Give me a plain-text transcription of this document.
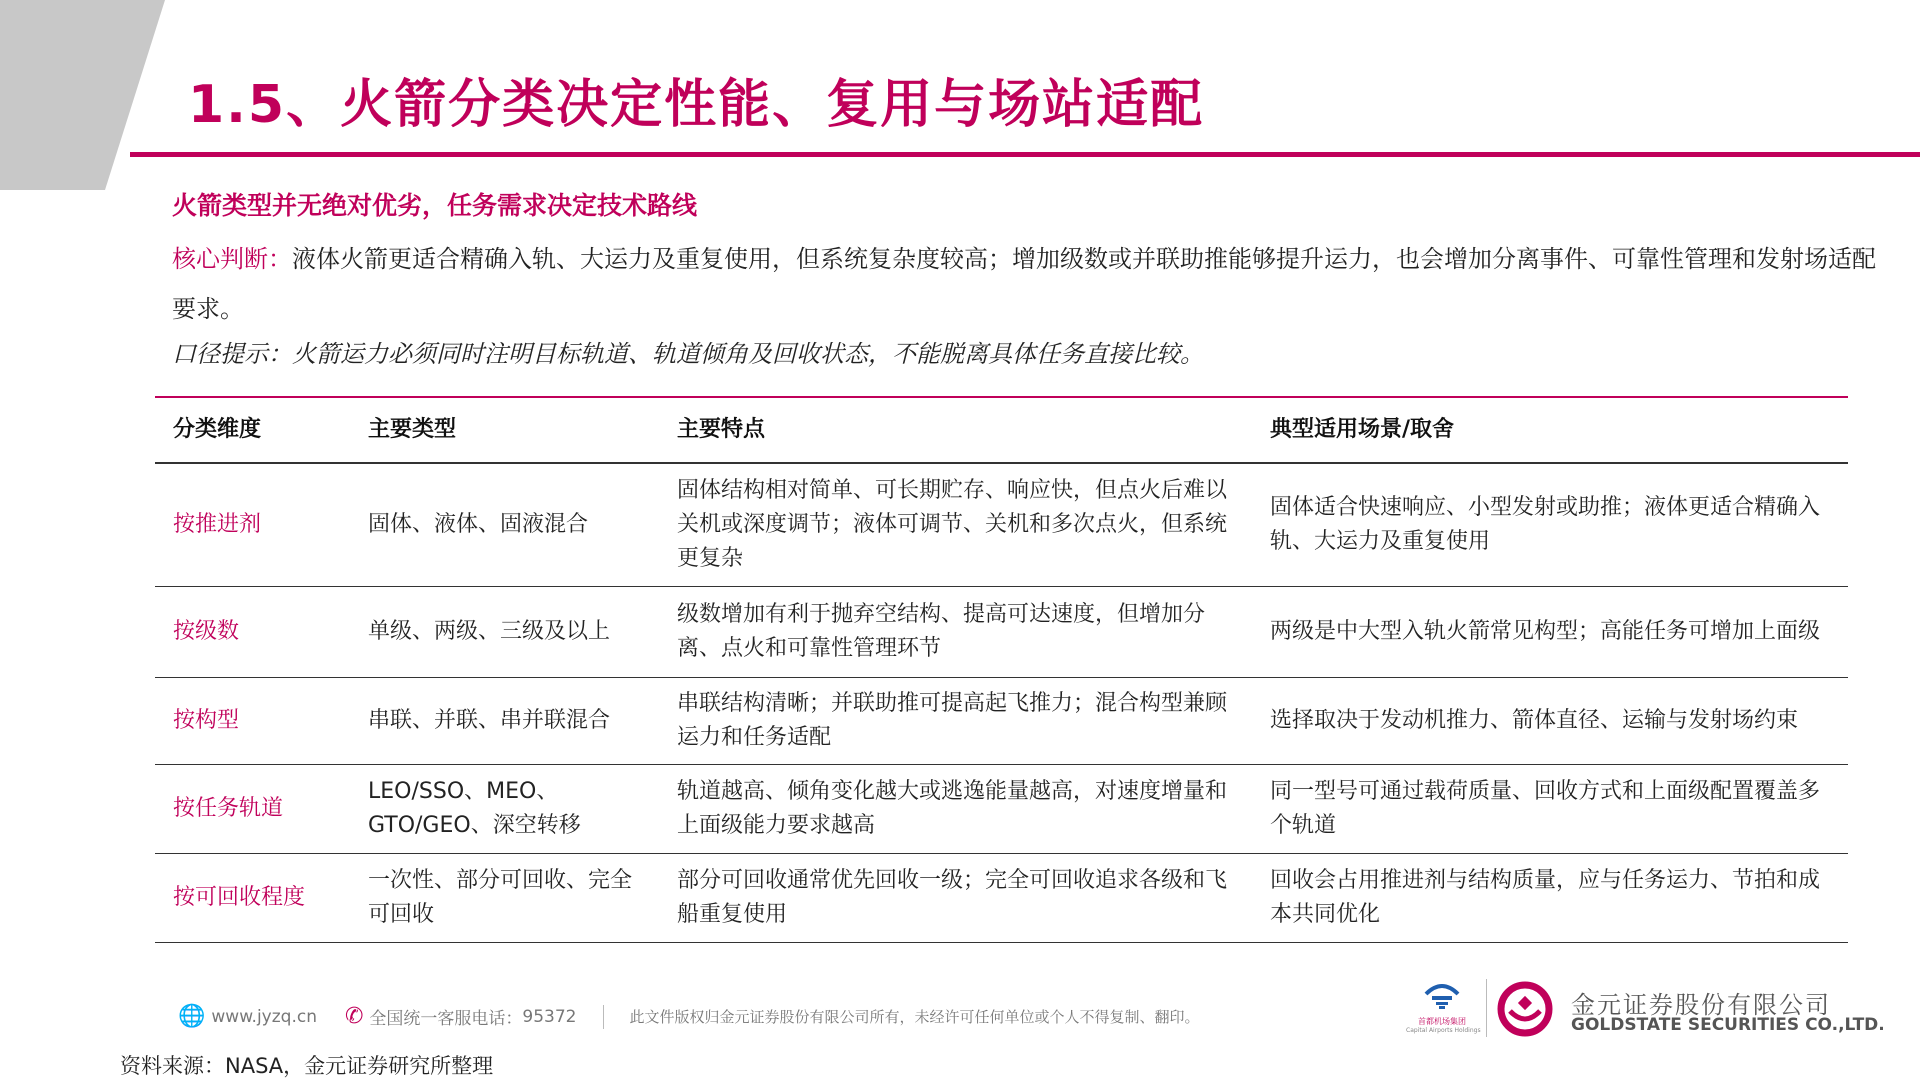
1.5、火箭分类决定性能、复用与场站适配
火箭类型并无绝对优劣，任务需求决定技术路线
核心判断：液体火箭更适合精确入轨、大运力及重复使用，但系统复杂度较高；增加级数或并联助推能够提升运力，也会增加分离事件、可靠性管理和发射场适配要求。
口径提示：火箭运力必须同时注明目标轨道、轨道倾角及回收状态，不能脱离具体任务直接比较。
分类维度	主要类型	主要特点	典型适用场景/取舍
按推进剂	固体、液体、固液混合	固体结构相对简单、可长期贮存、响应快，但点火后难以关机或深度调节；液体可调节、关机和多次点火，但系统更复杂	固体适合快速响应、小型发射或助推；液体更适合精确入轨、大运力及重复使用
按级数	单级、两级、三级及以上	级数增加有利于抛弃空结构、提高可达速度，但增加分离、点火和可靠性管理环节	两级是中大型入轨火箭常见构型；高能任务可增加上面级
按构型	串联、并联、串并联混合	串联结构清晰；并联助推可提高起飞推力；混合构型兼顾运力和任务适配	选择取决于发动机推力、箭体直径、运输与发射场约束
按任务轨道	LEO/SSO、MEO、GTO/GEO、深空转移	轨道越高、倾角变化越大或逃逸能量越高，对速度增量和上面级能力要求越高	同一型号可通过载荷质量、回收方式和上面级配置覆盖多个轨道
按可回收程度	一次性、部分可回收、完全可回收	部分可回收通常优先回收一级；完全可回收追求各级和飞船重复使用	回收会占用推进剂与结构质量，应与任务运力、节拍和成本共同优化
🌐 www.jyzq.cn ✆ 全国统一客服电话： 95372	此文件版权归金元证券股份有限公司所有，未经许可任何单位或个人不得复制、翻印。	首都机场集团
Capital Airports Holdings
金元证券股份有限公司
GOLDSTATE SECURITIES CO.,LTD.
资料来源：NASA，金元证券研究所整理
